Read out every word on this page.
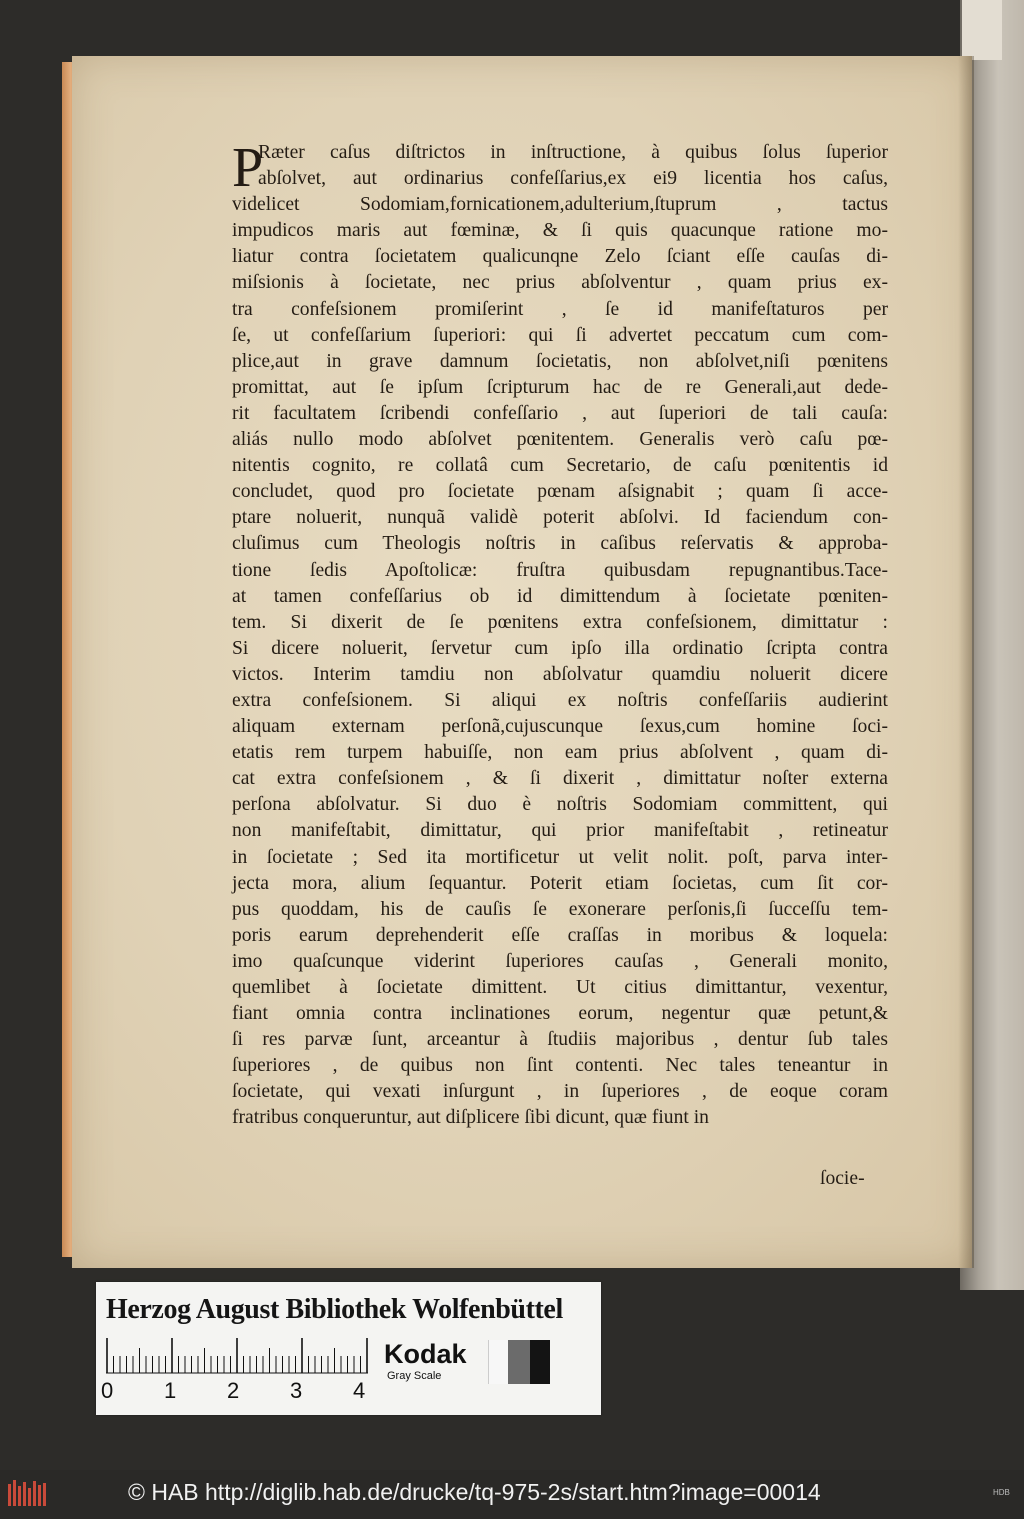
P
Ræter caſus diſtrictos in inſtructione, à quibus ſolus ſuperior
abſolvet, aut ordinarius confeſſarius,ex ei9 licentia hos caſus,
videlicet Sodomiam,fornicationem,adulterium,ſtuprum , tactus
impudicos maris aut fœminæ, & ſi quis quacunque ratione mo-
liatur contra ſocietatem qualicunqne Zelo ſciant eſſe cauſas di-
miſsionis à ſocietate, nec prius abſolventur , quam prius ex-
tra confeſsionem promiſerint , ſe id manifeſtaturos per
ſe, ut confeſſarium ſuperiori: qui ſi advertet peccatum cum com-
plice,aut in grave damnum ſocietatis, non abſolvet,niſi pœnitens
promittat, aut ſe ipſum ſcripturum hac de re Generali,aut dede-
rit facultatem ſcribendi confeſſario , aut ſuperiori de tali cauſa:
aliás nullo modo abſolvet pœnitentem. Generalis verò caſu pœ-
nitentis cognito, re collatâ cum Secretario, de caſu pœnitentis id
concludet, quod pro ſocietate pœnam aſsignabit ; quam ſi acce-
ptare noluerit, nunquã validè poterit abſolvi. Id faciendum con-
cluſimus cum Theologis noſtris in caſibus reſervatis & approba-
tione ſedis Apoſtolicæ: fruſtra quibusdam repugnantibus.Tace-
at tamen confeſſarius ob id dimittendum à ſocietate pœniten-
tem. Si dixerit de ſe pœnitens extra confeſsionem, dimittatur :
Si dicere noluerit, ſervetur cum ipſo illa ordinatio ſcripta contra
victos. Interim tamdiu non abſolvatur quamdiu noluerit dicere
extra confeſsionem. Si aliqui ex noſtris confeſſariis audierint
aliquam externam perſonã,cujuscunque ſexus,cum homine ſoci-
etatis rem turpem habuiſſe, non eam prius abſolvent , quam di-
cat extra confeſsionem , & ſi dixerit , dimittatur noſter externa
perſona abſolvatur. Si duo è noſtris Sodomiam committent, qui
non manifeſtabit, dimittatur, qui prior manifeſtabit , retineatur
in ſocietate ; Sed ita mortificetur ut velit nolit. poſt, parva inter-
jecta mora, alium ſequantur. Poterit etiam ſocietas, cum ſit cor-
pus quoddam, his de cauſis ſe exonerare perſonis,ſi ſucceſſu tem-
poris earum deprehenderit eſſe craſſas in moribus & loquela:
imo quaſcunque viderint ſuperiores cauſas , Generali monito,
quemlibet à ſocietate dimittent. Ut citius dimittantur, vexentur,
fiant omnia contra inclinationes eorum, negentur quæ petunt,&
ſi res parvæ ſunt, arceantur à ſtudiis majoribus , dentur ſub tales
ſuperiores , de quibus non ſint contenti. Nec tales teneantur in
ſocietate, qui vexati inſurgunt , in ſuperiores , de eoque coram
fratribus conqueruntur, aut diſplicere ſibi dicunt, quæ fiunt in
ſocie-
Herzog August Bibliothek Wolfenbüttel
0 1 2 3 4
Kodak
Gray Scale
© HAB http://diglib.hab.de/drucke/tq-975-2s/start.htm?image=00014	HDB
